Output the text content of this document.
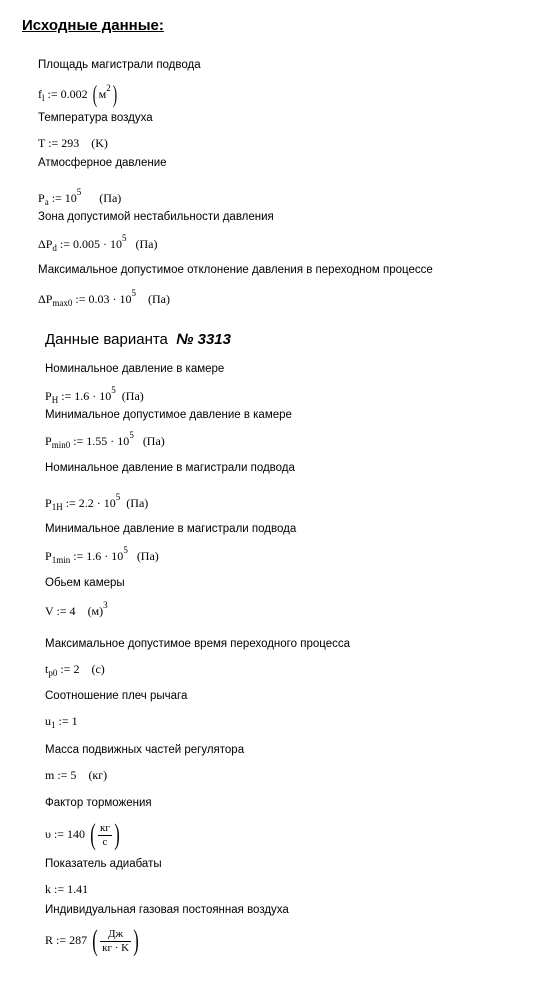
Исходные данные:
Площадь магистрали подвода
$f_l$ := 0.002 ( $м^2$)
Температура воздуха
T := 293 (K)
Атмосферное давление
$P_a$ := $10^5$ (Па)
Зона допустимой нестабильности давления
$\Delta P_d$ := $0.005 \cdot 10^5$ (Па)
Максимальное допустимое отклонение давления в переходном процессе
$\Delta P_{max0}$ := $0.03 \cdot 10^5$ (Па)
Данные варианта № 3313
Номинальное давление в камере
$P_H$ := $1.6 \cdot 10^5$ (Па)
Минимальное допустимое давление в камере
$P_{min0}$ := $1.55 \cdot 10^5$ (Па)
Номинальное давление в магистрали подвода
$P_{1H}$ := $2.2 \cdot 10^5$ (Па)
Минимальное давление в магистрали подвода
$P_{1min}$ := $1.6 \cdot 10^5$ (Па)
Обьем камеры
V := 4 $(м)^3$
Максимальное допустимое время переходного процесса
$t_{p0}$ := 2 (c)
Соотношение плеч рычага
$u_1$ := 1
Масса подвижных частей регулятора
m := 5 (кг)
Фактор торможения
υ := 140 ( $\frac{кг}{с}$ )
Показатель адиабаты
k := 1.41
Индивидуальная газовая постоянная воздуха
R := 287 ( $\frac{Дж}{кг \cdot K}$ )
